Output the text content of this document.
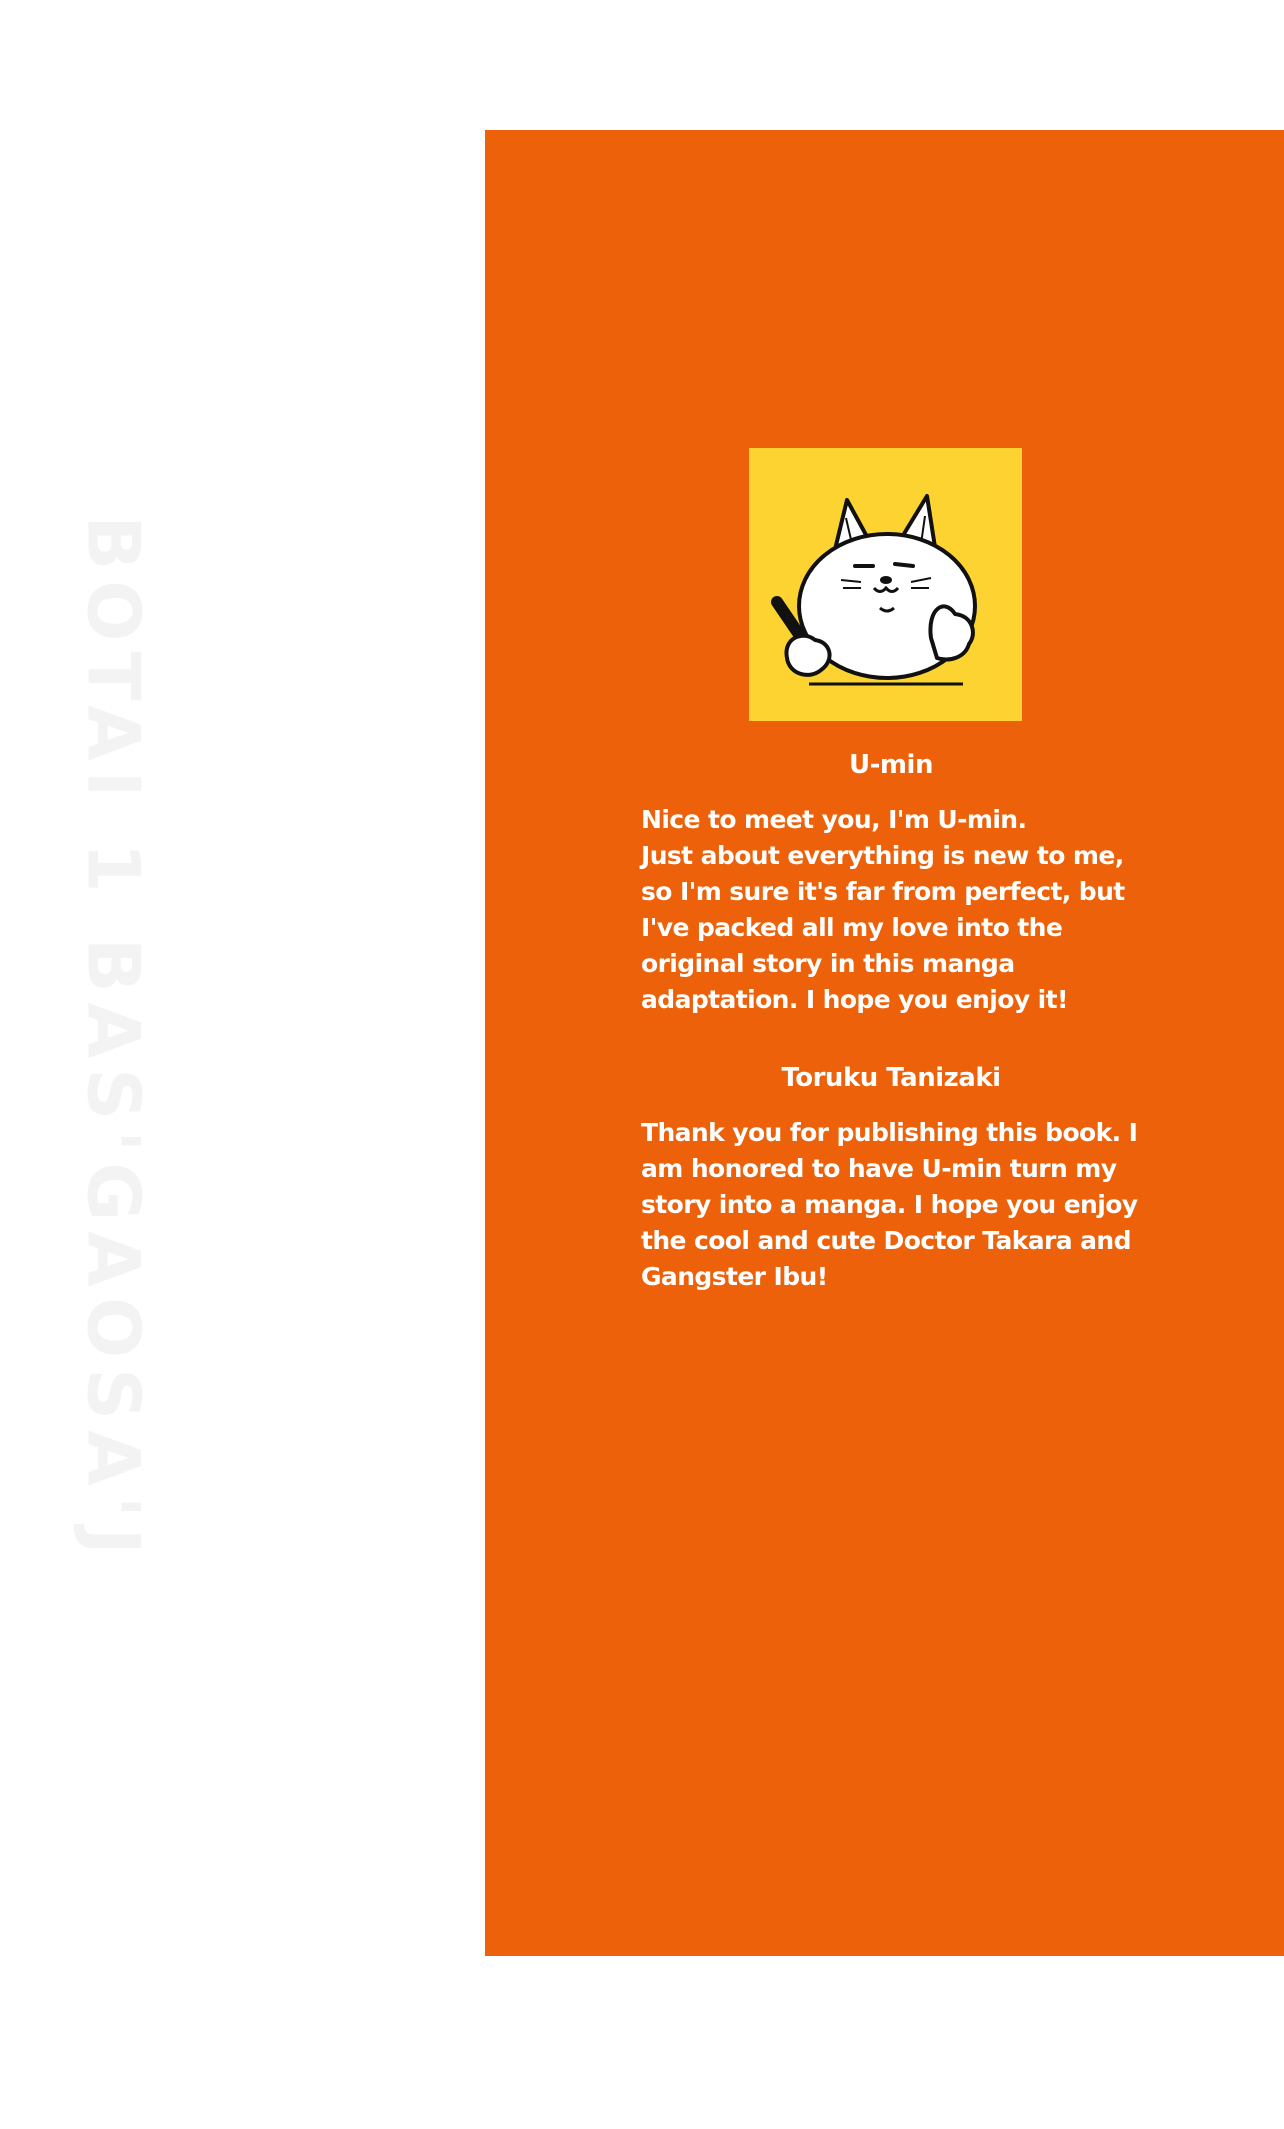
BOTAI 1 BAS'GAOSA'J	U-min

Nice to meet you, I'm U-min.
Just about everything is new to me, so I'm sure it's far from perfect, but I've packed all my love into the original story in this manga adaptation. I hope you enjoy it!

Toruku Tanizaki

Thank you for publishing this book. I am honored to have U-min turn my story into a manga. I hope you enjoy the cool and cute Doctor Takara and Gangster Ibu!
